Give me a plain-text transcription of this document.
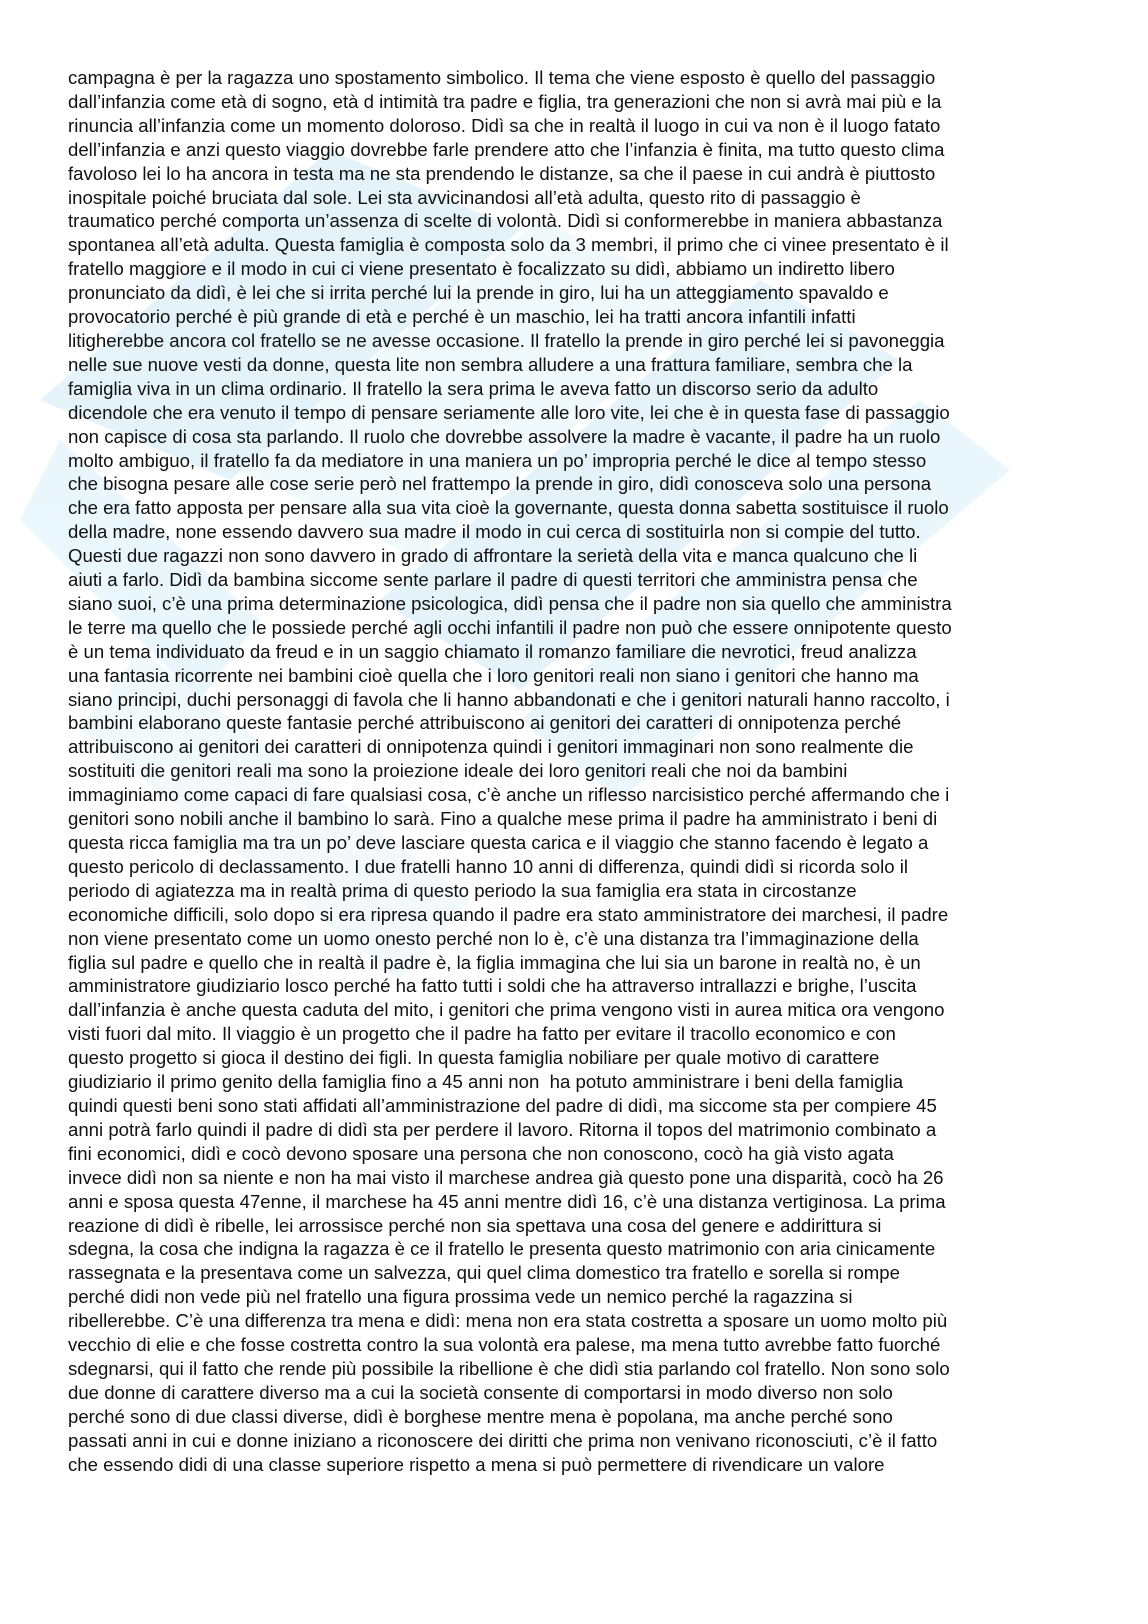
campagna è per la ragazza uno spostamento simbolico. Il tema che viene esposto è quello del passaggio
dall’infanzia come età di sogno, età d intimità tra padre e figlia, tra generazioni che non si avrà mai più e la
rinuncia all’infanzia come un momento doloroso. Didì sa che in realtà il luogo in cui va non è il luogo fatato
dell’infanzia e anzi questo viaggio dovrebbe farle prendere atto che l’infanzia è finita, ma tutto questo clima
favoloso lei lo ha ancora in testa ma ne sta prendendo le distanze, sa che il paese in cui andrà è piuttosto
inospitale poiché bruciata dal sole. Lei sta avvicinandosi all’età adulta, questo rito di passaggio è
traumatico perché comporta un’assenza di scelte di volontà. Didì si conformerebbe in maniera abbastanza
spontanea all’età adulta. Questa famiglia è composta solo da 3 membri, il primo che ci vinee presentato è il
fratello maggiore e il modo in cui ci viene presentato è focalizzato su didì, abbiamo un indiretto libero
pronunciato da didì, è lei che si irrita perché lui la prende in giro, lui ha un atteggiamento spavaldo e
provocatorio perché è più grande di età e perché è un maschio, lei ha tratti ancora infantili infatti
litigherebbe ancora col fratello se ne avesse occasione. Il fratello la prende in giro perché lei si pavoneggia
nelle sue nuove vesti da donne, questa lite non sembra alludere a una frattura familiare, sembra che la
famiglia viva in un clima ordinario. Il fratello la sera prima le aveva fatto un discorso serio da adulto
dicendole che era venuto il tempo di pensare seriamente alle loro vite, lei che è in questa fase di passaggio
non capisce di cosa sta parlando. Il ruolo che dovrebbe assolvere la madre è vacante, il padre ha un ruolo
molto ambiguo, il fratello fa da mediatore in una maniera un po’ impropria perché le dice al tempo stesso
che bisogna pesare alle cose serie però nel frattempo la prende in giro, didì conosceva solo una persona
che era fatto apposta per pensare alla sua vita cioè la governante, questa donna sabetta sostituisce il ruolo
della madre, none essendo davvero sua madre il modo in cui cerca di sostituirla non si compie del tutto.
Questi due ragazzi non sono davvero in grado di affrontare la serietà della vita e manca qualcuno che li
aiuti a farlo. Didì da bambina siccome sente parlare il padre di questi territori che amministra pensa che
siano suoi, c’è una prima determinazione psicologica, didì pensa che il padre non sia quello che amministra
le terre ma quello che le possiede perché agli occhi infantili il padre non può che essere onnipotente questo
è un tema individuato da freud e in un saggio chiamato il romanzo familiare die nevrotici, freud analizza
una fantasia ricorrente nei bambini cioè quella che i loro genitori reali non siano i genitori che hanno ma
siano principi, duchi personaggi di favola che li hanno abbandonati e che i genitori naturali hanno raccolto, i
bambini elaborano queste fantasie perché attribuiscono ai genitori dei caratteri di onnipotenza perché
attribuiscono ai genitori dei caratteri di onnipotenza quindi i genitori immaginari non sono realmente die
sostituiti die genitori reali ma sono la proiezione ideale dei loro genitori reali che noi da bambini
immaginiamo come capaci di fare qualsiasi cosa, c’è anche un riflesso narcisistico perché affermando che i
genitori sono nobili anche il bambino lo sarà. Fino a qualche mese prima il padre ha amministrato i beni di
questa ricca famiglia ma tra un po’ deve lasciare questa carica e il viaggio che stanno facendo è legato a
questo pericolo di declassamento. I due fratelli hanno 10 anni di differenza, quindi didì si ricorda solo il
periodo di agiatezza ma in realtà prima di questo periodo la sua famiglia era stata in circostanze
economiche difficili, solo dopo si era ripresa quando il padre era stato amministratore dei marchesi, il padre
non viene presentato come un uomo onesto perché non lo è, c’è una distanza tra l’immaginazione della
figlia sul padre e quello che in realtà il padre è, la figlia immagina che lui sia un barone in realtà no, è un
amministratore giudiziario losco perché ha fatto tutti i soldi che ha attraverso intrallazzi e brighe, l’uscita
dall’infanzia è anche questa caduta del mito, i genitori che prima vengono visti in aurea mitica ora vengono
visti fuori dal mito. Il viaggio è un progetto che il padre ha fatto per evitare il tracollo economico e con
questo progetto si gioca il destino dei figli. In questa famiglia nobiliare per quale motivo di carattere
giudiziario il primo genito della famiglia fino a 45 anni non  ha potuto amministrare i beni della famiglia
quindi questi beni sono stati affidati all’amministrazione del padre di didì, ma siccome sta per compiere 45
anni potrà farlo quindi il padre di didì sta per perdere il lavoro. Ritorna il topos del matrimonio combinato a
fini economici, didì e cocò devono sposare una persona che non conoscono, cocò ha già visto agata
invece didì non sa niente e non ha mai visto il marchese andrea già questo pone una disparità, cocò ha 26
anni e sposa questa 47enne, il marchese ha 45 anni mentre didì 16, c’è una distanza vertiginosa. La prima
reazione di didì è ribelle, lei arrossisce perché non sia spettava una cosa del genere e addirittura si
sdegna, la cosa che indigna la ragazza è ce il fratello le presenta questo matrimonio con aria cinicamente
rassegnata e la presentava come un salvezza, qui quel clima domestico tra fratello e sorella si rompe
perché didi non vede più nel fratello una figura prossima vede un nemico perché la ragazzina si
ribellerebbe. C’è una differenza tra mena e didì: mena non era stata costretta a sposare un uomo molto più
vecchio di elie e che fosse costretta contro la sua volontà era palese, ma mena tutto avrebbe fatto fuorché
sdegnarsi, qui il fatto che rende più possibile la ribellione è che didì stia parlando col fratello. Non sono solo
due donne di carattere diverso ma a cui la società consente di comportarsi in modo diverso non solo
perché sono di due classi diverse, didì è borghese mentre mena è popolana, ma anche perché sono
passati anni in cui e donne iniziano a riconoscere dei diritti che prima non venivano riconosciuti, c’è il fatto
che essendo didi di una classe superiore rispetto a mena si può permettere di rivendicare un valore
